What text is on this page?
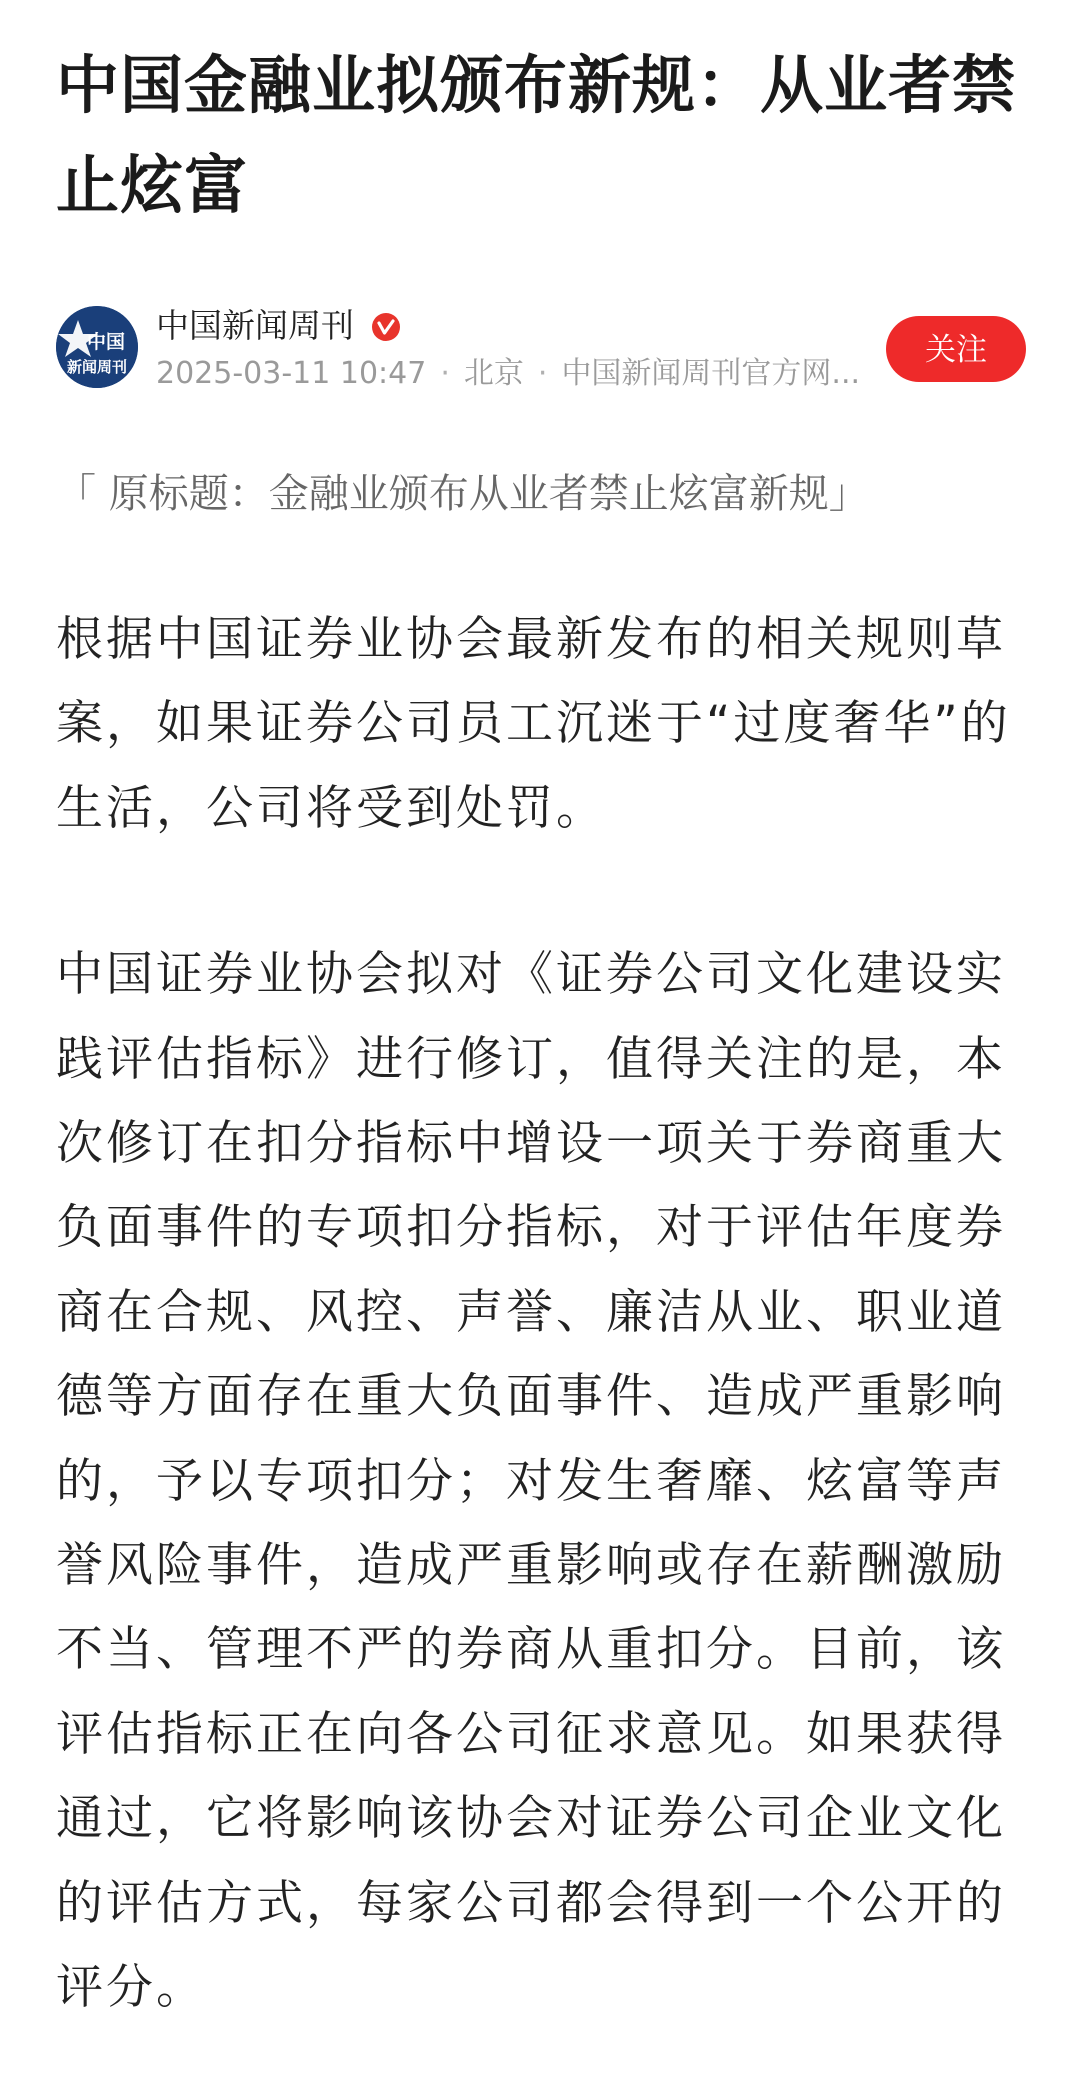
中国金融业拟颁布新规：从业者禁止炫富
中国
新闻周刊
中国新闻周刊
2025-03-11 10:47 · 北京 · 中国新闻周刊官方网...
关注
「 原标题：金融业颁布从业者禁止炫富新规」

根据中国证券业协会最新发布的相关规则草案，如果证券公司员工沉迷于“过度奢华”的生活，公司将受到处罚。

中国证券业协会拟对《证券公司文化建设实践评估指标》进行修订，值得关注的是，本次修订在扣分指标中增设一项关于券商重大负面事件的专项扣分指标，对于评估年度券商在合规、风控、声誉、廉洁从业、职业道德等方面存在重大负面事件、造成严重影响的，予以专项扣分；对发生奢靡、炫富等声誉风险事件，造成严重影响或存在薪酬激励不当、管理不严的券商从重扣分。目前，该评估指标正在向各公司征求意见。如果获得通过，它将影响该协会对证券公司企业文化的评估方式，每家公司都会得到一个公开的评分。
